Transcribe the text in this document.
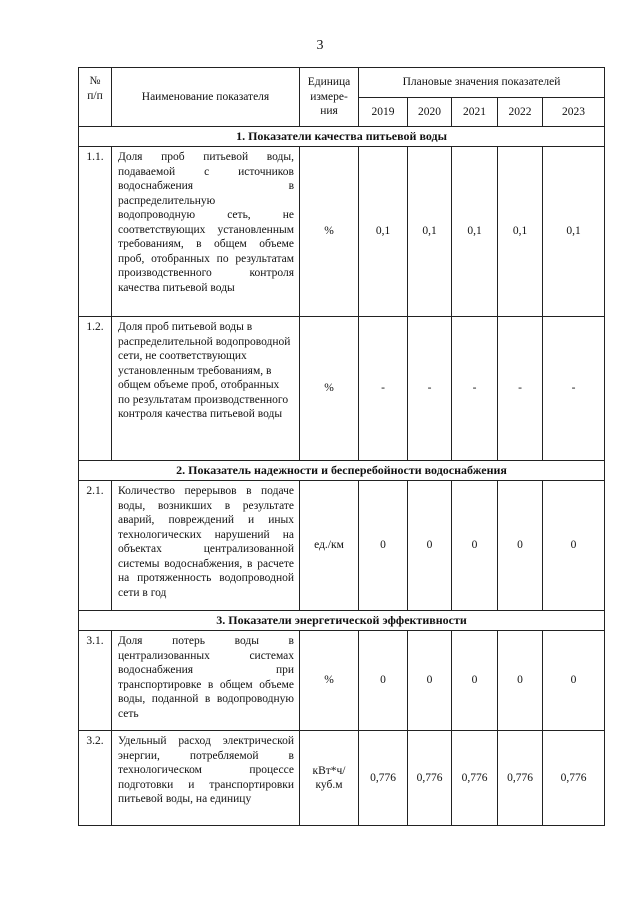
3
№
п/п	Наименование показателя	Единица измере-ния	Плановые значения показателей				
			2019	2020	2021	2022	2023
1. Показатели качества питьевой воды							
1.1.	Доля проб питьевой воды, подаваемой с источников водоснабжения в распределительную водопроводную сеть, не соответствующих установленным требованиям, в общем объеме проб, отобранных по результатам производственного контроля качества питьевой воды	%	0,1	0,1	0,1	0,1	0,1
1.2.	Доля проб питьевой воды в распределительной водопроводной сети, не соответствующих установленным требованиям, в общем объеме проб, отобранных по результатам производственного контроля качества питьевой воды	%	-	-	-	-	-
2. Показатель надежности и бесперебойности водоснабжения							
2.1.	Количество перерывов в подаче воды, возникших в результате аварий, повреждений и иных технологических нарушений на объектах централизованной системы водоснабжения, в расчете на протяженность водопроводной сети в год	ед./км	0	0	0	0	0
3. Показатели энергетической эффективности							
3.1.	Доля потерь воды в централизованных системах водоснабжения при транспортировке в общем объеме воды, поданной в водопроводную сеть	%	0	0	0	0	0
3.2.	Удельный расход электрической энергии, потребляемой в технологическом процессе подготовки и транспортировки питьевой воды, на единицу	кВт*ч/ куб.м	0,776	0,776	0,776	0,776	0,776
